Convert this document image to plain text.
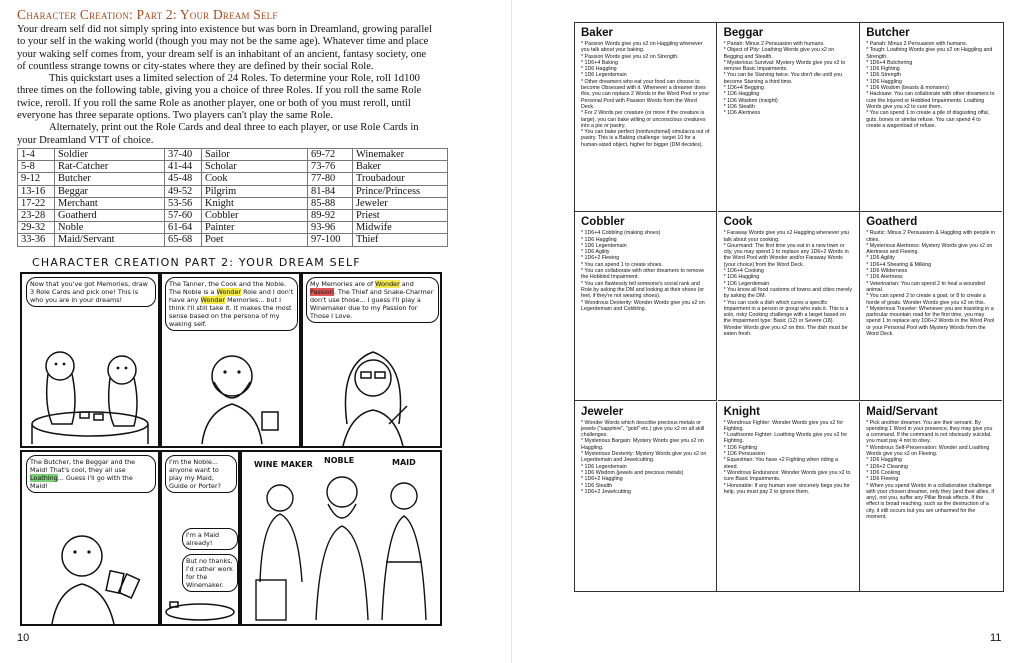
Character Creation: Part 2: Your Dream Self

Your dream self did not simply spring into existence but was born in Dreamland, growing parallel to your self in the waking world (though you may not be the same age). Whatever time and place your waking self comes from, your dream self is an inhabitant of an ancient, fantasy society, one of countless strange towns or city-states where they are defined by their social Role.

This quickstart uses a limited selection of 24 Roles. To determine your Role, roll 1d100 three times on the following table, giving you a choice of three Roles. If you roll the same Role twice, reroll. If you roll the same Role as another player, one or both of you must reroll, until everyone has three separate options. Two players can't play the same Role.

Alternately, print out the Role Cards and deal three to each player, or use Role Cards in your Dreamland VTT of choice.

1-4	Soldier	37-40	Sailor	69-72	Winemaker
5-8	Rat-Catcher	41-44	Scholar	73-76	Baker
9-12	Butcher	45-48	Cook	77-80	Troubadour
13-16	Beggar	49-52	Pilgrim	81-84	Prince/Princess
17-22	Merchant	53-56	Knight	85-88	Jeweler
23-28	Goatherd	57-60	Cobbler	89-92	Priest
29-32	Noble	61-64	Painter	93-96	Midwife
33-36	Maid/Servant	65-68	Poet	97-100	Thief
CHARACTER CREATION PART 2: YOUR DREAM SELF
Now that you've got Memories, draw 3 Role Cards and pick one! This is who you are in your dreams!
The Tanner, the Cook and the Noble. The Noble is a Wonder Role and I don't have any Wonder Memories... but I think I'll still take it. It makes the most sense based on the persona of my waking self.
My Memories are of Wonder and Passion. The Thief and Snake-Charmer don't use those... I guess I'll play a Winemaker due to my Passion for Those I Love.
The Butcher, the Beggar and the Maid! That's cool, they all use Loathing... Guess I'll go with the Maid!
I'm the Noble... anyone want to play my Maid, Guide or Porter?
I'm a Maid already!
But no thanks, I'd rather work for the Winemaker.
WINE MAKER NOBLE	MAID
10
Baker
* Passion Words give you x2 on Haggling whenever you talk about your baking.
* Passion Words give you x2 on Strength.
* 1D6+4 Baking
* 1D6 Haggling
* 1D6 Legerdemain
* Other dreamers who eat your food can choose to become Obsessed with it. Whenever a dreamer does this, you can replace 2 Words in the Word Pool or your Personal Pool with Passion Words from the Word Deck.
* For 2 Words per creature (or more if the creature is large), you can bake willing or unconscious creatures into a pie or pastry.
* You can bake perfect (nonfunctional) simulacra out of pastry. This is a Baking challenge: target 10 for a human-sized object, higher for bigger (DM decides).
Beggar
* Pariah: Minus 2 Persuasion with humans.
* Object of Pity: Loathing Words give you x2 on Begging and Stealth.
* Mysterious Survival: Mystery Words give you x2 to remove Basic Impairments.
* You can be Starving twice. You don't die until you become Starving a third time.
* 1D6+4 Begging
* 1D6 Haggling
* 1D6 Wisdom (insight)
* 1D6 Stealth
* 1D6 Alertness
Butcher
* Pariah: Minus 2 Persuasion with humans.
* Tough: Loathing Words give you x2 on Haggling and Strength.
* 1D6+4 Butchering
* 1D6 Fighting
* 1D6 Strength
* 1D6 Haggling
* 1D6 Wisdom (beasts & monsters)
* Hacksaw: You can collaborate with other dreamers to cure the Injured or Hobbled Impairments. Loathing Words give you x2 to cure them.
* You can spend 1 to create a pile of disgusting offal, guts, bones or similar refuse. You can spend 4 to create a wagonload of refuse.
Cobbler
* 1D6+4 Cobbling (making shoes)
* 1D6 Haggling
* 1D6 Legerdemain
* 1D6 Agility
* 1D6+2 Fleeing
* You can spend 1 to create shoes.
* You can collaborate with other dreamers to remove the Hobbled Impairment.
* You can flawlessly tell someone's social rank and Role by asking the DM and looking at their shoes (or feet, if they're not wearing shoes).
* Wondrous Dexterity: Wonder Words give you x2 on Legerdemain and Cobbling.
Cook
* Faraway Words give you x2 Haggling whenever you talk about your cooking.
* Gourmand: The first time you eat in a new town or city, you may spend 1 to replace any 1D6+2 Words in the Word Pool with Wonder and/or Faraway Words (your choice) from the Word Deck.
* 1D6+4 Cooking
* 1D6 Haggling
* 1D6 Legerdemain
* You know all food customs of towns and cities merely by asking the DM.
* You can cook a dish which cures a specific Impairment in a person or group who eats it. This is a solo, risky Cooking challenge with a target based on the Impairment type: Basic (12) or Severe (18). Wonder Words give you x2 on this. The dish must be eaten fresh.
Goatherd
* Rustic: Minus 2 Persuasion & Haggling with people in cities.
* Mysterious Alertness: Mystery Words give you x2 on Alertness and Fleeing.
* 1D6 Agility
* 1D6+4 Shearing & Milking
* 1D6 Wilderness
* 1D6 Alertness
* Veterinarian: You can spend 2 to heal a wounded animal.
* You can spend 2 to create a goat, or 8 to create a horde of goats. Wonder Words give you x2 on this.
* Mysterious Traveler: Whenever you are traveling in a particular mountain road for the first time, you may spend 1 to replace any 1D6+2 Words in the Word Pool or your Personal Pool with Mystery Words from the Word Deck.
Jeweler
* Wonder Words which describe precious metals or jewels ("sapphire", "gold" etc.) give you x2 on all skill challenges.
* Mysterious Bargain: Mystery Words give you x2 on Haggling.
* Mysterious Dexterity: Mystery Words give you x2 on Legerdemain and Jewelcutting.
* 1D6 Legerdemain
* 1D6 Wisdom (jewels and precious metals)
* 1D6+2 Haggling
* 1D6 Stealth
* 1D6+2 Jewelcutting
Knight
* Wondrous Fighter: Wonder Words give you x2 for Fighting.
* Loathsome Fighter: Loathing Words give you x2 for Fighting.
* 1D6 Fighting
* 1D6 Persuasion
* Equestrian: You have +2 Fighting when riding a steed.
* Wondrous Endurance: Wonder Words give you x2 to cure Basic Impairments.
* Honorable: If any human ever sincerely begs you for help, you must pay 2 to ignore them.
Maid/Servant
* Pick another dreamer. You are their servant. By spending 1 Word in your presence, they may give you a command. If the command is not obviously suicidal, you must pay 4 not to obey.
* Wondrous Self-Preservation: Wonder and Loathing Words give you x2 on Fleeing.
* 1D6 Haggling
* 1D6+2 Cleaning
* 1D6 Cooking
* 1D6 Fleeing
* When you spend Words in a collaborative challenge with your chosen dreamer, only they (and their allies, if any), not you, suffer any Pillar Break effects. If the effect is broad reaching, such as the destruction of a city, it still occurs but you are unharmed for the moment.
11
